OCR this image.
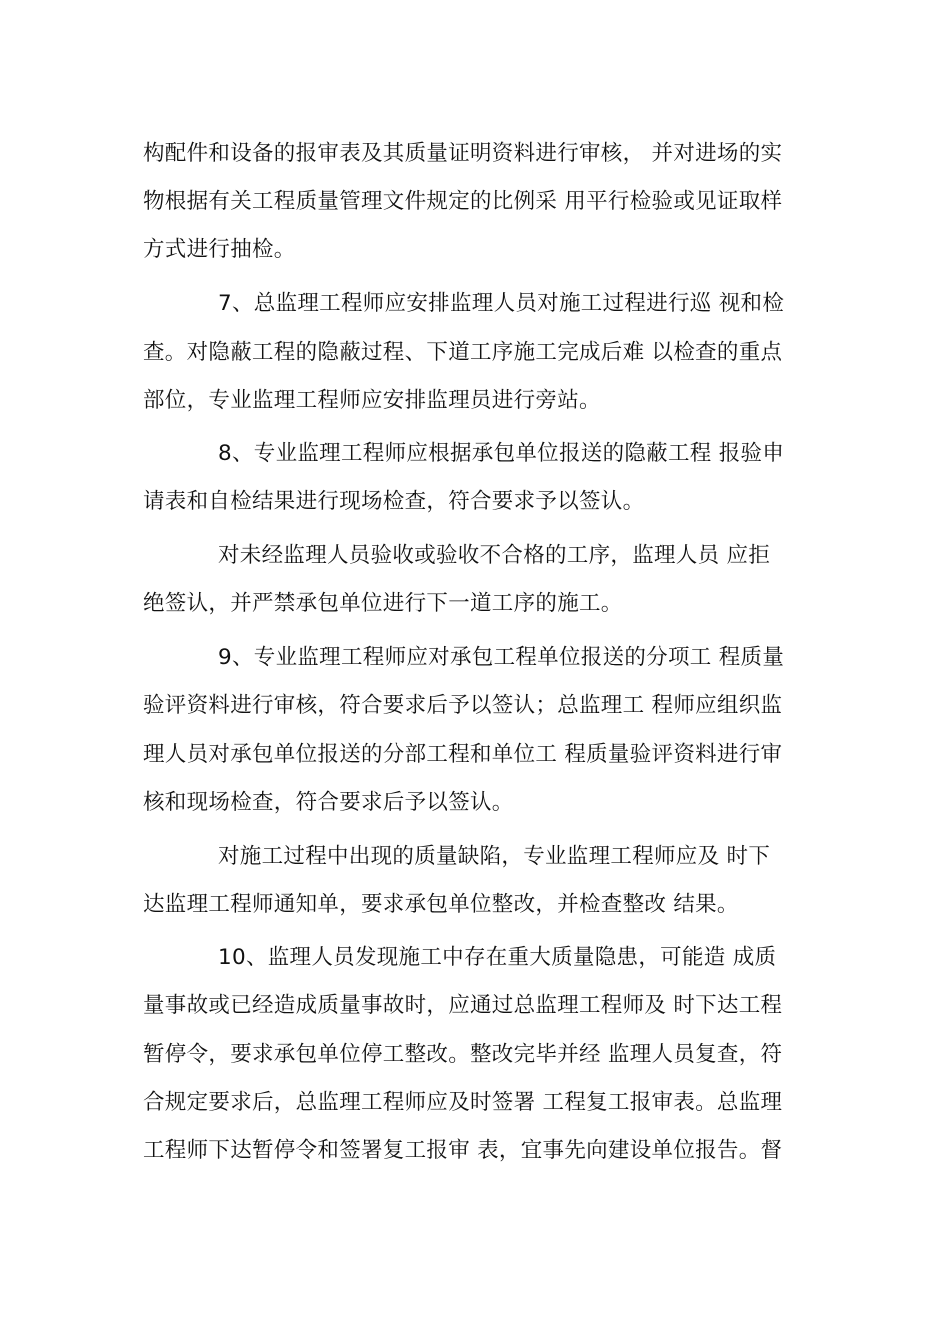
构配件和设备的报审表及其质量证明资料进行审核， 并对进场的实
物根据有关工程质量管理文件规定的比例采 用平行检验或见证取样
方式进行抽检。
7、总监理工程师应安排监理人员对施工过程进行巡 视和检
查。对隐蔽工程的隐蔽过程、下道工序施工完成后难 以检查的重点
部位，专业监理工程师应安排监理员进行旁站。
8、专业监理工程师应根据承包单位报送的隐蔽工程 报验申
请表和自检结果进行现场检查，符合要求予以签认。
对未经监理人员验收或验收不合格的工序，监理人员 应拒
绝签认，并严禁承包单位进行下一道工序的施工。
9、专业监理工程师应对承包工程单位报送的分项工 程质量
验评资料进行审核，符合要求后予以签认；总监理工 程师应组织监
理人员对承包单位报送的分部工程和单位工 程质量验评资料进行审
核和现场检查，符合要求后予以签认。
对施工过程中出现的质量缺陷，专业监理工程师应及 时下
达监理工程师通知单，要求承包单位整改，并检查整改 结果。
10、监理人员发现施工中存在重大质量隐患，可能造 成质
量事故或已经造成质量事故时，应通过总监理工程师及 时下达工程
暂停令，要求承包单位停工整改。整改完毕并经 监理人员复查，符
合规定要求后，总监理工程师应及时签署 工程复工报审表。总监理
工程师下达暂停令和签署复工报审 表，宜事先向建设单位报告。督
